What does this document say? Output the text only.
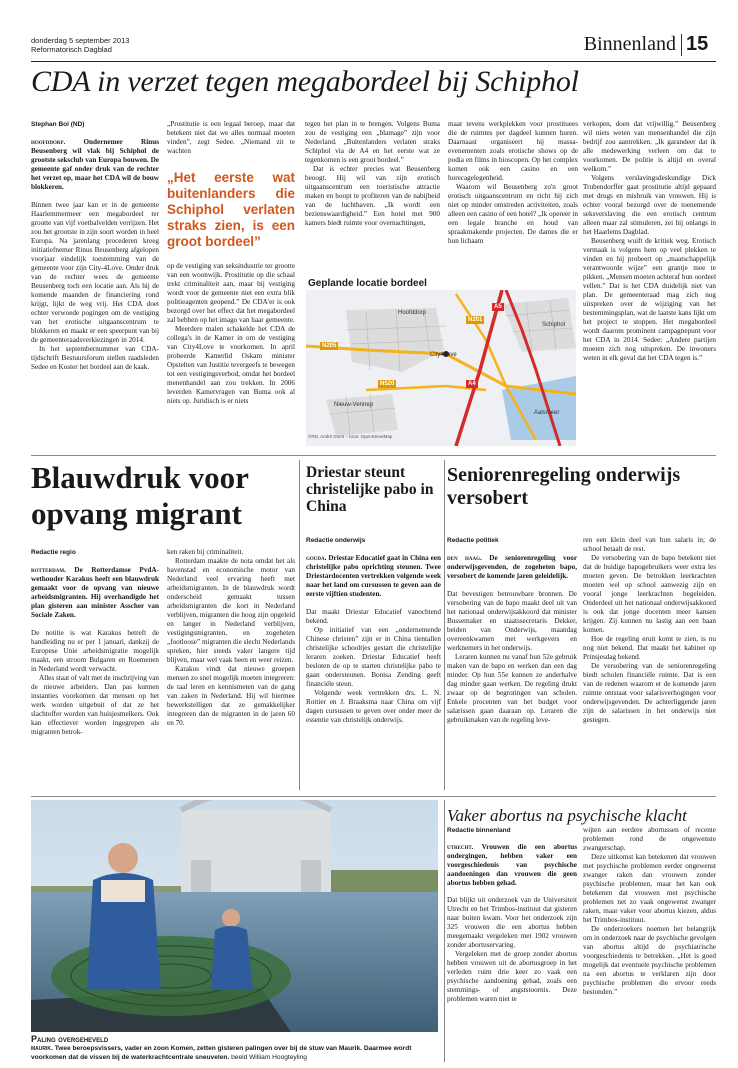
donderdag 5 september 2013
Reformatorisch Dagblad	Binnenland 15
CDA in verzet tegen megabordeel bij Schiphol
Stephan Bol (ND)

hoofddorp.	Ondernemer Rinus Beusenberg wil vlak bij Schiphol de grootste seksclub van Europa bouwen. De gemeente gaf onder druk van de rechter het verzet op, maar het CDA wil de bouw blokkeren.

Binnen twee jaar kan er in de gemeente Haarlemmermeer een megabordeel ter grootte van vijf voetbalvelden verrijzen. Het zou het grootste in zijn soort worden in heel Europa. Na jarenlang procederen kreeg initiatiefnemer Rinus Beusenberg afgelopen voorjaar eindelijk toestemming van de gemeente voor zijn City-4Love. Onder druk van de rechter wees de gemeente Beusenberg toch een locatie aan. Als hij de komende maanden de financiering rond krijgt, lijkt de weg vrij. Het CDA doet echter verwoede pogingen om de vestiging van het erotische uitgaanscentrum te blokkeren en maakt er een speerpunt van bij de gemeenteraadsverkiezingen in 2014.

In het septembernummer van CDA-tijdschrift Bestuursforum stellen raadsleden Sedee en Koster het bordeel aan de kaak.

„Prostitutie is een legaal beroep, maar dat betekent niet dat we alles normaal moeten vinden”, zegt Sedee. „Niemand zit te wachten

„Het eerste wat buitenlanders die Schiphol verlaten straks zien, is een groot bordeel”

op de vestiging van seksindustrie ter grootte van een woonwijk. Prostitutie op die schaal trekt criminaliteit aan, maar bij vestiging wordt voor de gemeente niet een extra blik politieagenten geopend.” De CDA'er is ook bezorgd over het effect dat het megabordeel zal hebben op het imago van haar gemeente.

Meerdere malen schakelde het CDA de collega's in de Kamer in om de vestiging van City4Love te voorkomen. In april probeerde Kamerlid Oskam minister Opstelten van Justitie tevergeefs te bewegen tot een vestigingsverbod, omdat het bordeel menenhandel aan zou trekken. In 2006 leverden Kamervragen van Buma ook al niets op. Juridisch is er niets

tegen het plan in te brengen. Volgens Buma zou de vestiging een „blamage” zijn voor Nederland. „Buitenlanders verlaten straks Schiphol via de A4 en het eerste wat ze tegenkomen is een groot bordeel.”

Dat is echter precies wat Beusenberg beoogt. Hij wil van zijn erotisch uitgaanscentrum een toeristische attractie maken en hoopt te profiteren van de nabijheid van de luchthaven. „Ik wordt een bezienswaardigheid.” Een hotel met 900 kamers biedt ruimte voor overnachtingen,

maar tevens werkplekken voor prostituees die de ruimtes per dagdeel kunnen huren. Daarnaast organiseert hij massa-evenementen zoals erotische shows op de podia en films in bioscopen. Op het complex komen ook een casino en een horecagelegenheid.

Waarom wil Beusenberg zo'n groot erotisch uitgaanscentrum en richt hij zich niet op minder omstreden activiteiten, zoals alleen een casino of een hotel? „Ik opereer in een legale branche en houd van spraakmakende projecten. De dames die er hun lichaam

verkopen, doen dat vrijwillig.” Beusenberg wil niets weten van mensenhandel die zijn bedrijf zou aantrekken. „Ik garandeer dat ik alle medewerking verleen om dat te voorkomen. De politie is altijd en overal welkom.”

Volgens verslavingsdeskundige Dick Trubendorffer gaat prostitutie altijd gepaard met drugs en misbruik van vrouwen. Hij is echter vooral bezorgd over de toenemende seksverslaving die een erotisch centrum alleen maar zal stimuleren, zei hij onlangs in het Haarlems Dagblad.

Beusenberg wuift de kritiek weg. Erotisch vermaak is volgens hem op veel plekken te vinden en hij probeert op „maatschappelijk verantwoorde wijze” een grantje mee te pikken. „Mensen moeten achteraf hun oordeel vellen.” Dat is het CDA duidelijk niet van plan. De gemeenteraad mag zich nog uitspreken over de wijziging van het bestemmingsplan, wat de laatste kans lijkt om het project te stoppen. Het megabordeel wordt daarom prominent campagnepunt voor het CDA in 2014. Sedee: „Andere partijen moeten zich nog uitspreken. De inwoners weten in elk geval dat het CDA tegen is.”

Geplande locatie bordeel
Hoofddorp
Schiphol
City4Love
Nieuw-Vennep
Aalsmeer
A5
N201
N205
N520	A4
©RD, André Dorst – bron: OpenStreetMap
Blauwdruk voor opvang migrant
Redactie regio

rotterdam. De Rotterdamse PvdA-wethouder Karakus heeft een blauwdruk gemaakt voor de opvang van nieuwe arbeidsmigranten. Hij overhandigde het plan gisteren aan minister Asscher van Sociale Zaken.

De notitie is wat Karakus betreft de handleiding nu er per 1 januari, dankzij de Europese Unie arbeidsmigratie mogelijk maakt, een stroom Bulgaren en Roemenen in Nederland wordt verwacht.

Alles staat of valt met de inschrijving van de nieuwe arbeiders. Dan pas kunnen instanties voorkomen dat mensen op het werk worden uitgebuit of dat ze het slachtoffer worden van huisjesmelkers. Ook kan effectiever worden ingegrepen als migranten betrok-

ken raken bij criminaliteit.

Rotterdam maakte de nota omdat het als havenstad en economische motor van Nederland veel ervaring heeft met arbeidsmigranten. In de blauwdruk wordt onderscheid gemaakt tussen arbeidsmigranten die kort in Nederland verblijven, migranten die hoog zijn opgeleid en langer in Nederland verblijven, vestigingsmigranten, en zogeheten „footloose” migranten die slecht Nederlands spreken, hier steeds vaker langere tijd blijven, maar wel vaak heen en weer reizen.

Karakus vindt dat nieuwe groepen mensen zo snel mogelijk moeten integreren: de taal leren en kennismeten van de gang van zaken in Nederland. Hij wil hiermee bewerkstelligen dat ze gemakkelijker integreren dan de migranten in de jaren 60 en 70.

Driestar steunt christelijke pabo in China
Redactie onderwijs

gouda. Driestar Educatief gaat in China een christelijke pabo oprichting steunen. Twee Driestardocenten vertrekken volgende week naar het land om cursussen te geven aan de eerste vijftien studenten.

Dat maakt Driestar Educatief vanochtend bekend.

Op initiatief van een „ondernemende Chinese christen” zijn er in China tientallen christelijke schooltjes gestart die christelijke leraren zoeken. Driestar Educatief heeft besloten de op te starten christelijke pabo te gaan ondersteunen. Bonisa Zending geeft financiële steun.

Volgende week vertrekken drs. L. N. Rottier en J. Braaksma naar China om vijf dagen cursussen te geven over onder meer de essentie van christelijk onderwijs.

Seniorenregeling onderwijs versobert
Redactie politiek

den haag. De seniorenregeling voor onderwijsgevenden, de zogeheten bapo, versobert de komende jaren geleidelijk.

Dat bevestigen betrouwbare bronnen. De versobering van de bapo maakt deel uit van het nationaal onderwijsakkoord dat minister Bussemaker en staatssecretaris Dekker, beiden van Onderwijs, maandag overeenkwamen met werkgevers en werknemers in het onderwijs.

Leraren kunnen nu vanaf hun 52e gebruik maken van de bapo en werken dan een dag minder. Op hun 55e kunnen ze anderhalve dag minder gaan werken. De regeling drukt zwaar op de begrotingen van scholen. Enkele procenten van het budget voor salarissen gaan daaraan op. Leraren die gebruikmaken van de regeling leve-

ren een klein deel van hun salaris in; de school betaalt de rest.

De versobering van de bapo betekent niet dat de huidige bapogebruikers weer extra les moeten geven. De betrokken leerkrachten moeten wel op school aanwezig zijn en vooral jonge leerkrachten begeleiden. Onderdeel uit het nationaal onderwijsakkoord is ook dat jonge docenten meer kansen krijgen. Zij kunnen nu lastig aan een baan komen.

Hoe de regeling eruit komt te zien, is nu nog niet bekend. Dat maakt het kabinet op Prinsjesdag bekend.

De versobering van de seniorenregeling biedt scholen financiële ruimte. Dat is een van de redenen waarom er de komende jaren ruimte ontstaat voor salarisverhogingen voor onderwijsgevenden. De achterliggende jaren zijn de salarissen in het onderwijs niet gestegen.

Paling overgeheveld
maurik. Twee beroepsvissers, vader en zoon Komen, zetten gisteren palingen over bij de stuw van Maurik. Daarmee wordt voorkomen dat de vissen bij de waterkrachtcentrale sneuvelen. beeld William Hoogteyling
Vaker abortus na psychische klacht
Redactie binnenland

utrecht. Vrouwen die een abortus ondergingen, hebben vaker een voorgeschiedenis van psychische aandoeningen dan vrouwen die geen abortus hebben gehad.

Dat blijkt uit onderzoek van de Universiteit Utrecht en het Trimbos-instituut dat gisteren naar buiten kwam. Voor het onderzoek zijn 325 vrouwen die een abortus hebben meegemaakt vergeleken met 1902 vrouwen zonder abortuservaring.

Vergeleken met de groep zonder abortus hebben vrouwen uit de abortusgroep in het verleden ruim drie keer zo vaak een psychische aandoening gehad, zoals een stemmings- of angststoornis. Deze problemen waren niet te

wijten aan eerdere abortussen of recente problemen rond de ongewenste zwangerschap.

Deze uitkomst kan betekenen dat vrouwen met psychische problemen eerder ongewenst zwanger raken dan vrouwen zonder psychische problemen, maar het kan ook betekenen dat vrouwen met psychische problemen net zo vaak ongewenst zwanger raken, maar vaker voor abortus kiezen, aldus het Trimbos-instituut.

De onderzoekers noemen het belangrijk om in onderzoek naar de psychische gevolgen van abortus altijd de psychiatrische voorgeschiedenis te betrekken. „Het is goed mogelijk dat eventuele psychische problemen na een abortus te verklaren zijn door psychische problemen die ervoor reeds bestonden.”
